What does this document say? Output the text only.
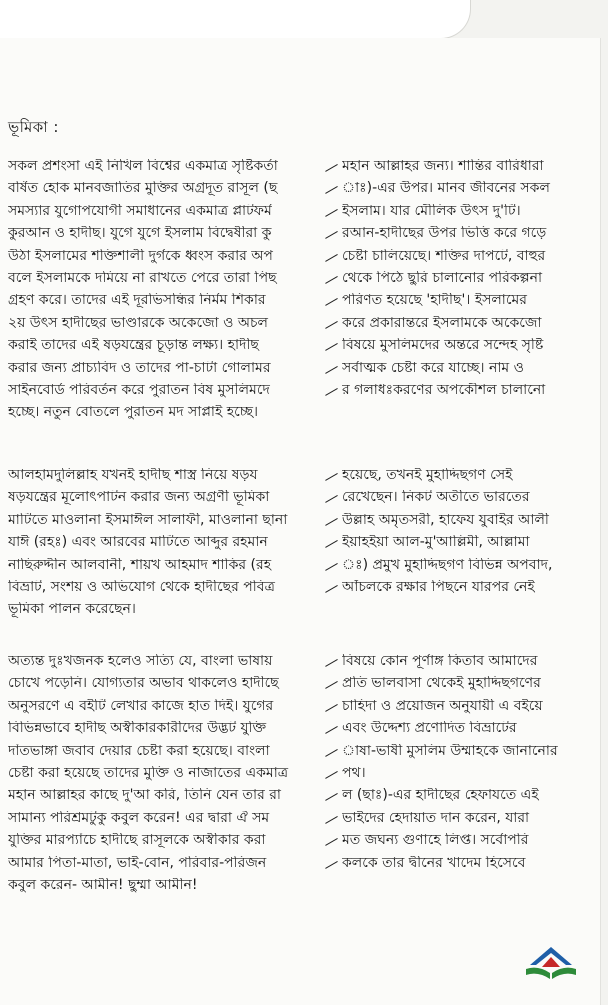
ভূমিকা :
সকল প্রশংসা এই নিখিল বিশ্বের একমাত্র সৃষ্টিকর্তা
বর্ষিত হোক মানবজাতির মুক্তির অগ্রদূত রাসূল (ছ
সমস্যার যুগোপযোগী সমাধানের একমাত্র প্লাটফর্ম
কুরআন ও হাদীছ। যুগে যুগে ইসলাম বিদ্বেষীরা কু
উঠা ইসলামের শক্তিশালী দুর্গকে ধ্বংস করার অপ
বলে ইসলামকে দমিয়ে না রাখতে পেরে তারা পিছ
গ্রহণ করে। তাদের এই দূরভিসন্ধির নির্মম শিকার
২য় উৎস হাদীছের ভাণ্ডারকে অকেজো ও অচল
করাই তাদের এই ষড়যন্ত্রের চূড়ান্ত লক্ষ্য। হাদীছ
করার জন্য প্রাচ্যবিদ ও তাদের পা-চাটা গোলামর
সাইনবোর্ড পরিবর্তন করে পুরাতন বিষ মুসলিমদে
হচ্ছে। নতুন বোতলে পুরাতন মদ সাপ্লাই হচ্ছে।
মহান আল্লাহর জন্য। শান্তির বারিধারা
াঃ)-এর উপর। মানব জীবনের সকল
ইসলাম। যার মৌলিক উৎস দু'টি।
রআন-হাদীছের উপর ভিত্তি করে গড়ে
চেষ্টা চালিয়েছে। শক্তির দাপটে, বাহুর
থেকে পিঠে ছুরি চালানোর পরিকল্পনা
পরিণত হয়েছে 'হাদীছ'। ইসলামের
করে প্রকারান্তরে ইসলামকে অকেজো
বিষয়ে মুসলিমদের অন্তরে সন্দেহ সৃষ্টি
সর্বাত্মক চেষ্টা করে যাচ্ছে। নাম ও
র গলাধঃকরণের অপকৌশল চালানো
আলহামদুলিল্লাহ যখনই হাদীছ শাস্ত্র নিয়ে ষড়য
ষড়যন্ত্রের মূলোৎপাটন করার জন্য অগ্রণী ভূমিকা
মাটিতে মাওলানা ইসমাঈল সালাফী, মাওলানা ছানা
যাঈ (রহঃ) এবং আরবের মাটিতে আব্দুর রহমান
নাছিরুদ্দীন আলবানী, শায়খ আহমাদ শাকির (রহ
বিভ্রাট, সংশয় ও অভিযোগ থেকে হাদীছের পবিত্র
ভূমিকা পালন করেছেন।
হয়েছে, তখনই মুহাদ্দিছগণ সেই
রেখেছেন। নিকট অতীতে ভারতের
উল্লাহ অমৃতসরী, হাফেয যুবাইর আলী
ইয়াহইয়া আল-মু'আল্লিমী, আল্লামা
ঃ) প্রমুখ মুহাদ্দিছগণ বিভিন্ন অপবাদ,
আঁচলকে রক্ষার পিছনে যারপর নেই
অত্যন্ত দুঃখজনক হলেও সত্যি যে, বাংলা ভাষায়
চোখে পড়েনি। যোগ্যতার অভাব থাকলেও হাদীছে
অনুসরণে এ বইটি লেখার কাজে হাত দিই। যুগের
বিভিন্নভাবে হাদীছ অস্বীকারকারীদের উদ্ভট যুক্তি
দাঁতভাঙ্গা জবাব দেয়ার চেষ্টা করা হয়েছে। বাংলা
চেষ্টা করা হয়েছে তাদের মুক্তি ও নাজাতের একমাত্র
মহান আল্লাহর কাছে দু'আ করি, তিনি যেন তার রা
সামান্য পরিশ্রমটুকু কবুল করেন! এর দ্বারা ঐ সম
যুক্তির মারপ্যাঁচে হাদীছে রাসূলকে অস্বীকার করা
আমার পিতা-মাতা, ভাই-বোন, পরিবার-পরিজন
কবুল করেন- আমীন! ছুম্মা আমীন!
বিষয়ে কোন পূর্ণাঙ্গ কিতাব আমাদের
প্রতি ভালবাসা থেকেই মুহাদ্দিছগণের
চাহিদা ও প্রয়োজন অনুযায়ী এ বইয়ে
এবং উদ্দেশ্য প্রণোদিত বিভ্রাটের
াষা-ভাষী মুসলিম উম্মাহকে জানানোর
পথ।
ল (ছাঃ)-এর হাদীছের হেফাযতে এই
ভাইদের হেদায়াত দান করেন, যারা
মত জঘন্য গুণাহে লিপ্ত। সর্বোপরি
কলকে তার দ্বীনের খাদেম হিসেবে
